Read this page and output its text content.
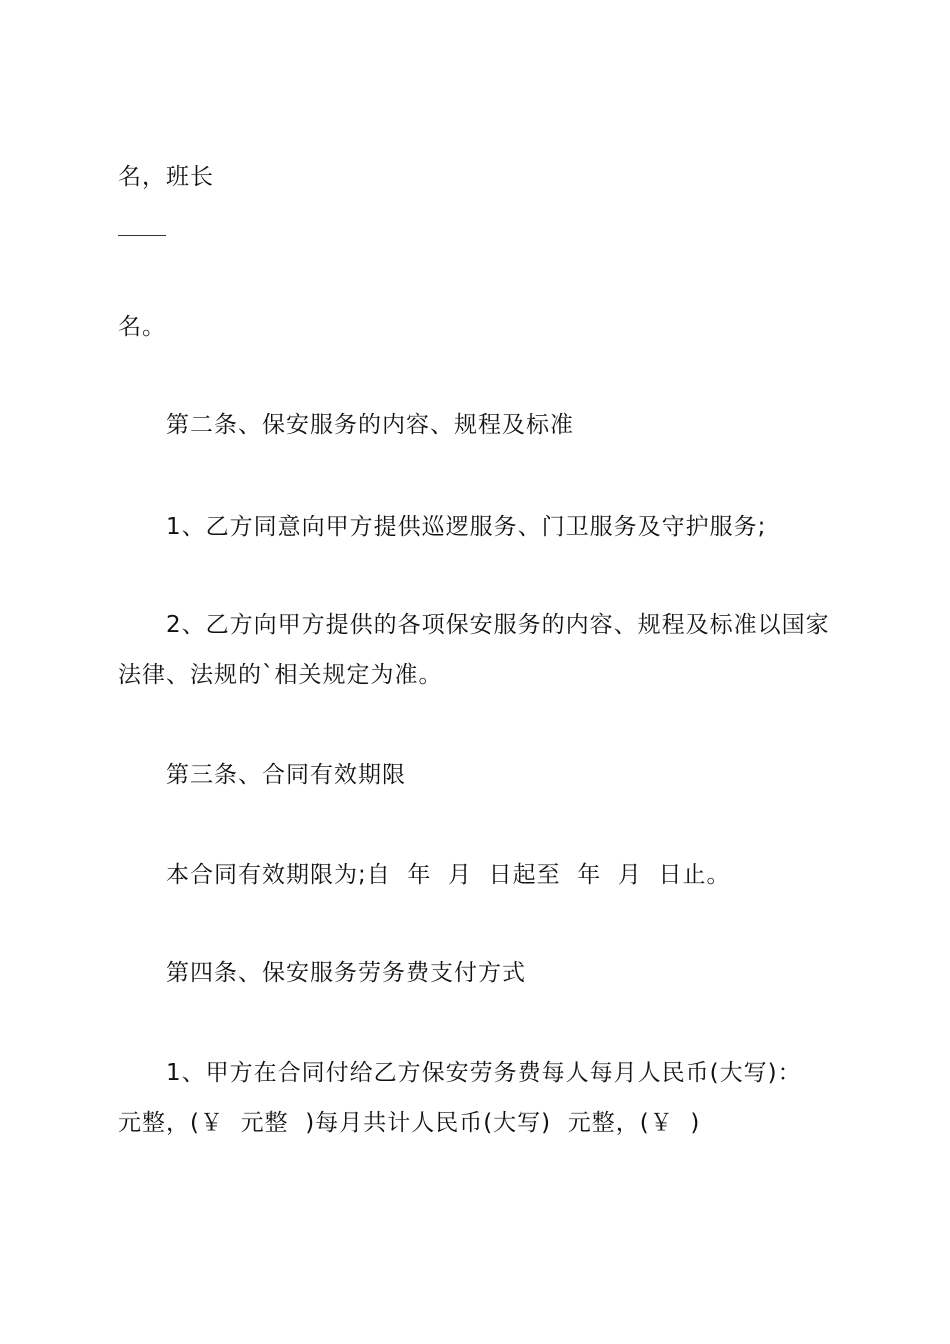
名，班长
名。
第二条、保安服务的内容、规程及标准
1、乙方同意向甲方提供巡逻服务、门卫服务及守护服务;
2、乙方向甲方提供的各项保安服务的内容、规程及标准以国家
法律、法规的`相关规定为准。
第三条、合同有效期限
本合同有效期限为;自  年  月  日起至  年  月  日止。
第四条、保安服务劳务费支付方式
1、甲方在合同付给乙方保安劳务费每人每月人民币(大写)：
元整，(￥  元整  )每月共计人民币(大写)  元整，(￥  )
